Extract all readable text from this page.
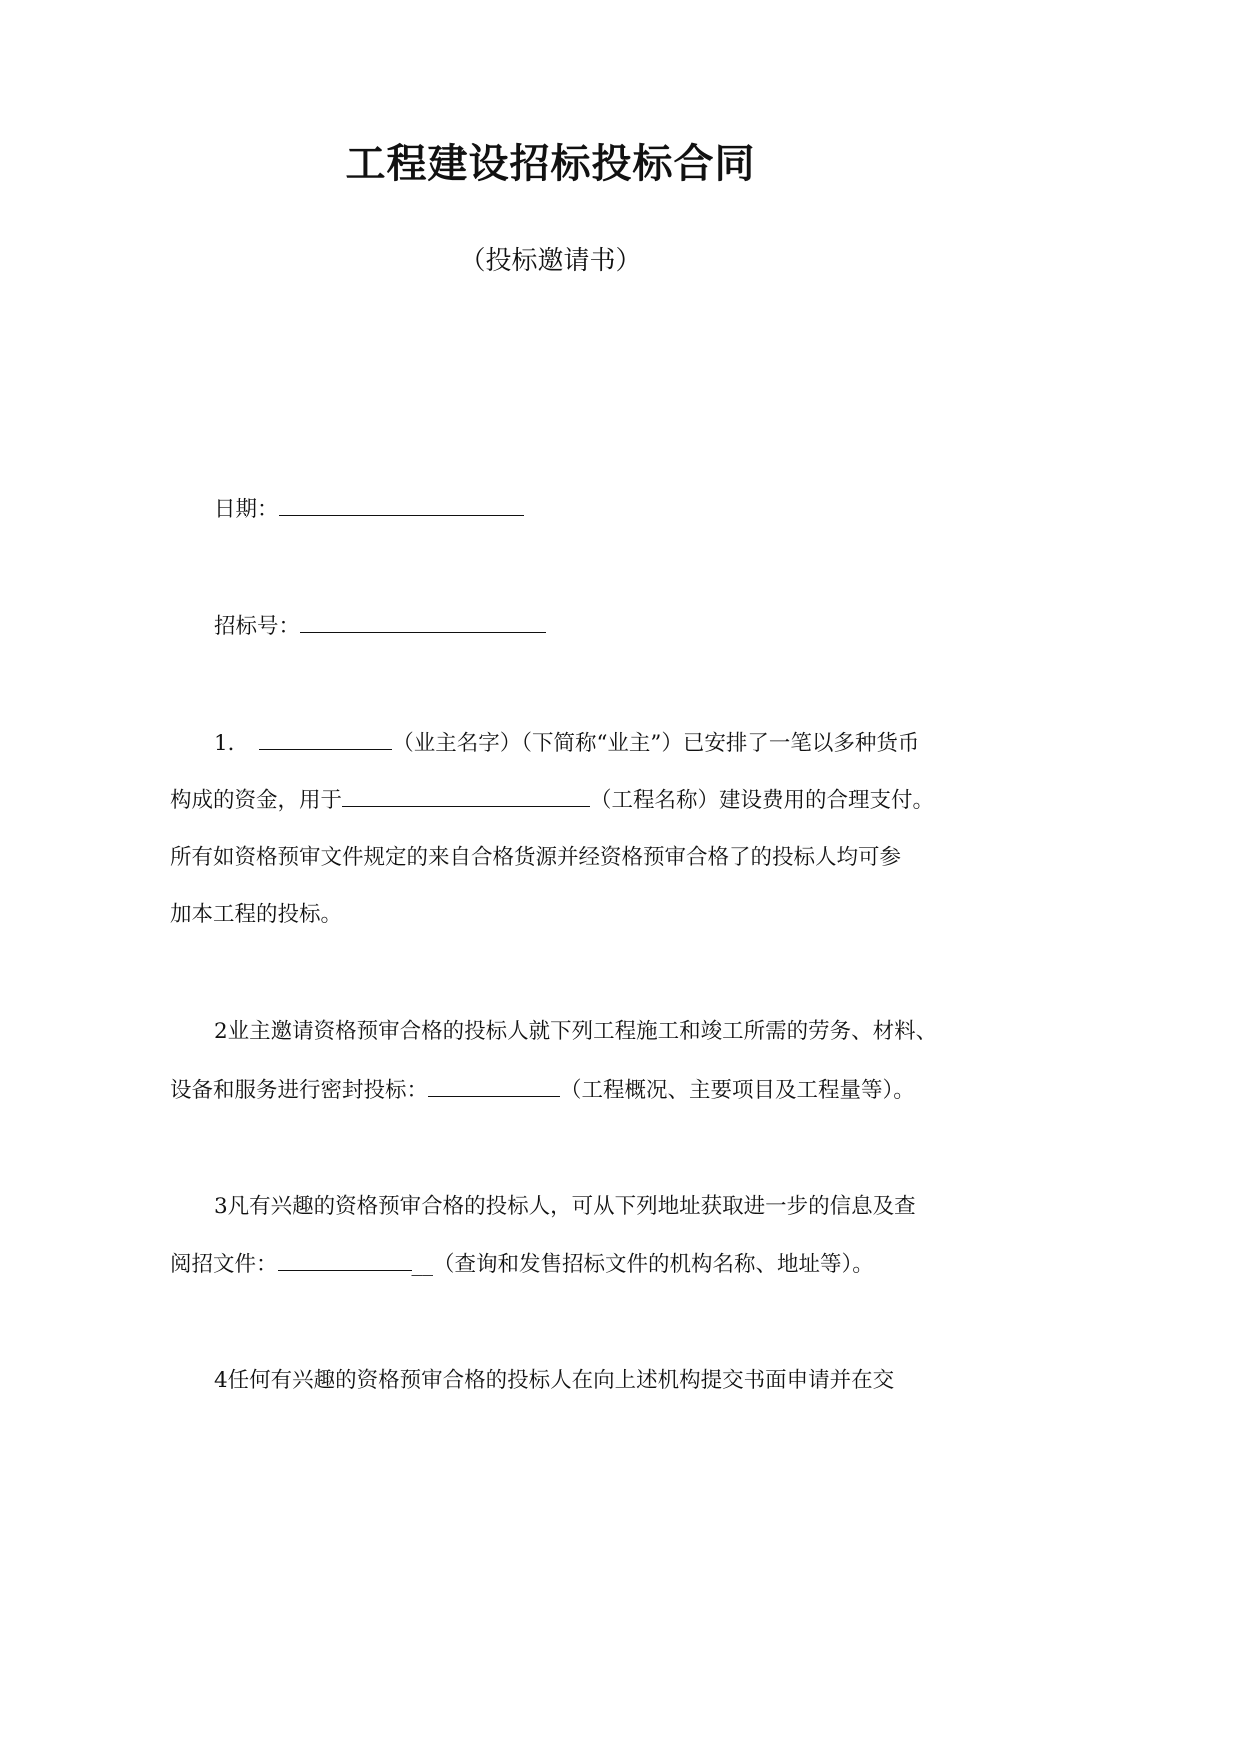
工程建设招标投标合同
（投标邀请书）
日期：
招标号：
1．	（业主名字）（下简称“业主”）已安排了一笔以多种货币
构成的资金，用于	（工程名称）建设费用的合理支付。
所有如资格预审文件规定的来自合格货源并经资格预审合格了的投标人均可参
加本工程的投标。
2业主邀请资格预审合格的投标人就下列工程施工和竣工所需的劳务、材料、
设备和服务进行密封投标：	（工程概况、主要项目及工程量等）。
3凡有兴趣的资格预审合格的投标人，可从下列地址获取进一步的信息及查
阅招文件：	__（查询和发售招标文件的机构名称、地址等）。
4任何有兴趣的资格预审合格的投标人在向上述机构提交书面申请并在交
